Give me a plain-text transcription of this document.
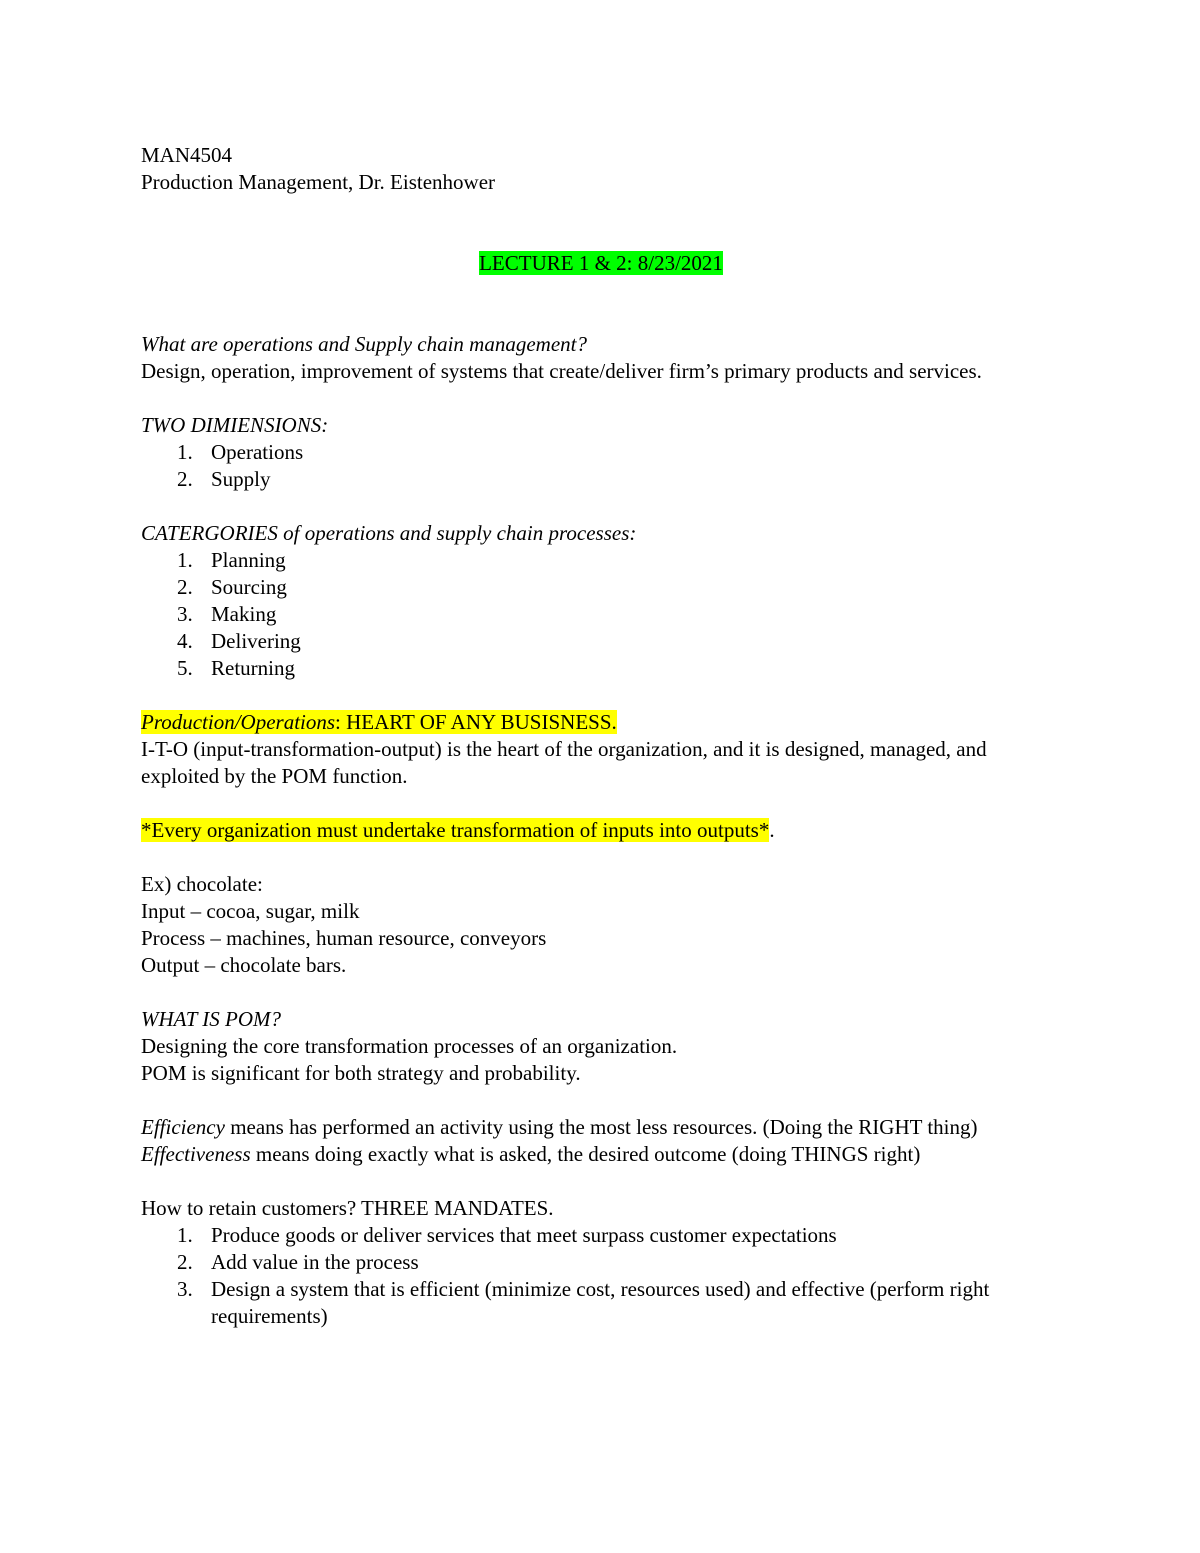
MAN4504
Production Management, Dr. Eistenhower
LECTURE 1 & 2: 8/23/2021
What are operations and Supply chain management?
Design, operation, improvement of systems that create/deliver firm’s primary products and services.
TWO DIMIENSIONS:
1. Operations
2. Supply
CATERGORIES of operations and supply chain processes:
1. Planning
2. Sourcing
3. Making
4. Delivering
5. Returning
Production/Operations: HEART OF ANY BUSISNESS.
I-T-O (input-transformation-output) is the heart of the organization, and it is designed, managed, and exploited by the POM function.
*Every organization must undertake transformation of inputs into outputs*.
Ex) chocolate:
Input – cocoa, sugar, milk
Process – machines, human resource, conveyors
Output – chocolate bars.
WHAT IS POM?
Designing the core transformation processes of an organization.
POM is significant for both strategy and probability.
Efficiency means has performed an activity using the most less resources. (Doing the RIGHT thing)
Effectiveness means doing exactly what is asked, the desired outcome (doing THINGS right)
How to retain customers? THREE MANDATES.
1. Produce goods or deliver services that meet surpass customer expectations
2. Add value in the process
3. Design a system that is efficient (minimize cost, resources used) and effective (perform right requirements)
